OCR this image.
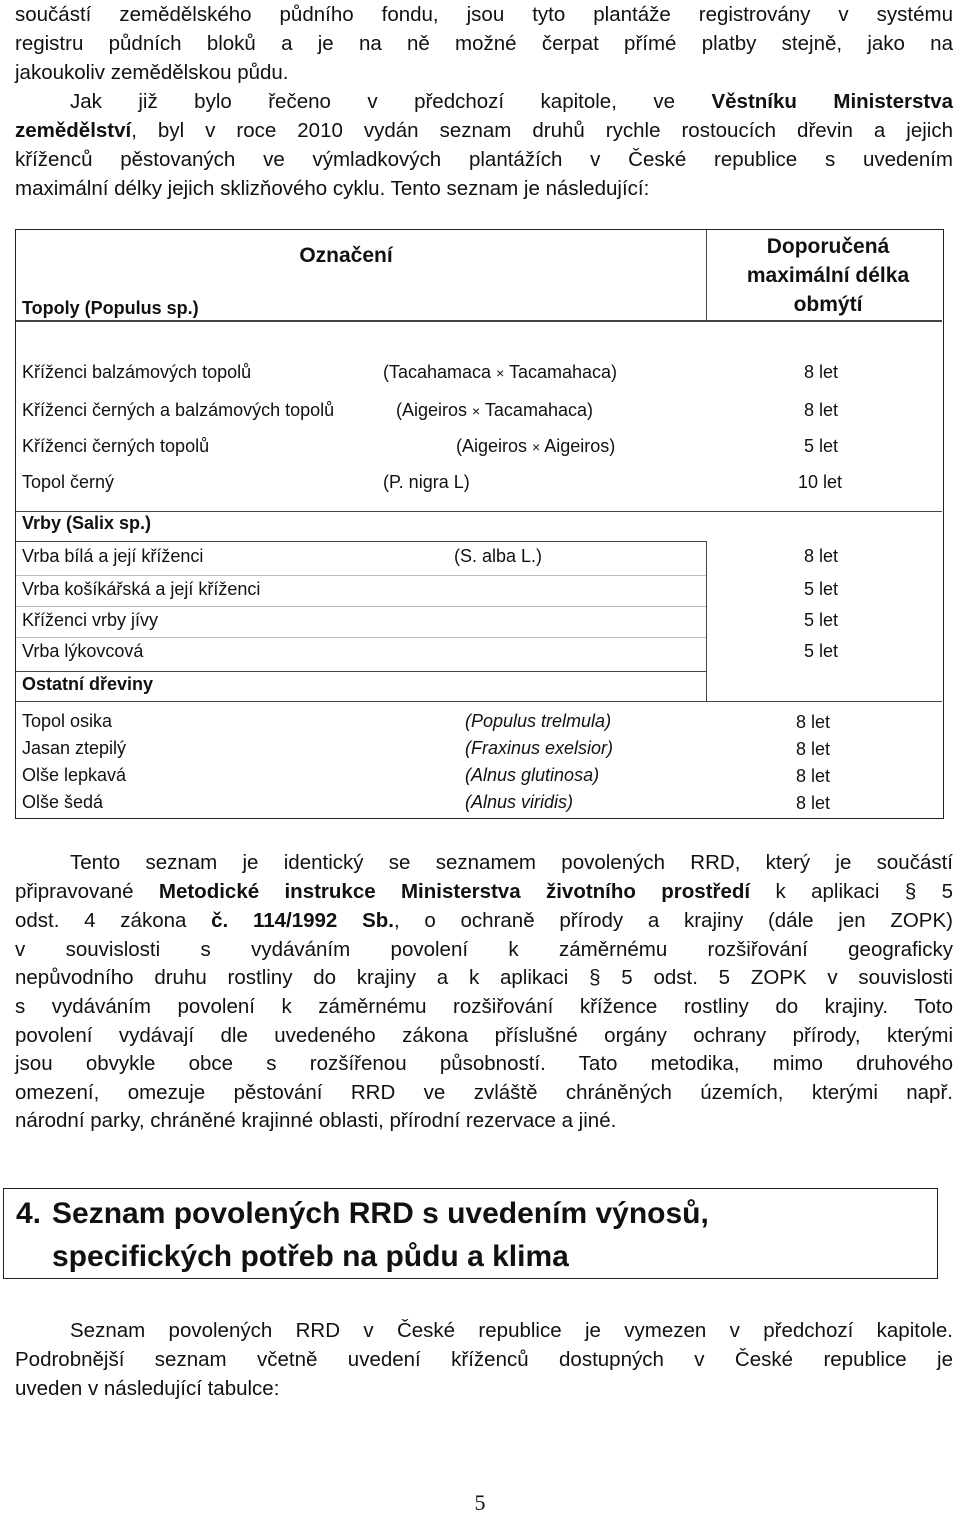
součástí zemědělského půdního fondu, jsou tyto plantáže registrovány v systému
registru půdních bloků a je na ně možné čerpat přímé platby stejně, jako na
jakoukoliv zemědělskou půdu.
Jak již bylo řečeno v předchozí kapitole, ve Věstníku Ministerstva
zemědělství, byl v roce 2010 vydán seznam druhů rychle rostoucích dřevin a jejich
kříženců pěstovaných ve výmladkových plantážích v České republice s uvedením
maximální délky jejich sklizňového cyklu. Tento seznam je následující:
Označení	Doporučená maximální délka obmýtí
Topoly (Populus sp.)
Kříženci balzámových topolů	(Tacahamaca × Tacamahaca)	8 let
Kříženci černých a balzámových topolů	(Aigeiros × Tacamahaca)	8 let
Kříženci černých topolů	(Aigeiros × Aigeiros)	5 let
Topol černý	(P. nigra L)	10 let
Vrby (Salix sp.)
Vrba bílá a její kříženci	(S. alba L.)	8 let
Vrba košíkářská a její kříženci	5 let
Kříženci vrby jívy	5 let
Vrba lýkovcová	5 let
Ostatní dřeviny
Topol osika	(Populus trelmula)	8 let
Jasan ztepilý	(Fraxinus exelsior)	8 let
Olše lepkavá	(Alnus glutinosa)	8 let
Olše šedá	(Alnus viridis)	8 let
Tento seznam je identický se seznamem povolených RRD, který je součástí
připravované Metodické instrukce Ministerstva životního prostředí k aplikaci § 5
odst. 4 zákona č. 114/1992 Sb., o ochraně přírody a krajiny (dále jen ZOPK)
v souvislosti s vydáváním povolení k záměrnému rozšiřování geograficky
nepůvodního druhu rostliny do krajiny a k aplikaci § 5 odst. 5 ZOPK v souvislosti
s vydáváním povolení k záměrnému rozšiřování křížence rostliny do krajiny. Toto
povolení vydávají dle uvedeného zákona příslušné orgány ochrany přírody, kterými
jsou obvykle obce s rozšířenou působností. Tato metodika, mimo druhového
omezení, omezuje pěstování RRD ve zvláště chráněných územích, kterými např.
národní parky, chráněné krajinné oblasti, přírodní rezervace a jiné.
4. Seznam povolených RRD s uvedením výnosů,
specifických potřeb na půdu a klima
Seznam povolených RRD v České republice je vymezen v předchozí kapitole.
Podrobnější seznam včetně uvedení kříženců dostupných v České republice je
uveden v následující tabulce:
5
